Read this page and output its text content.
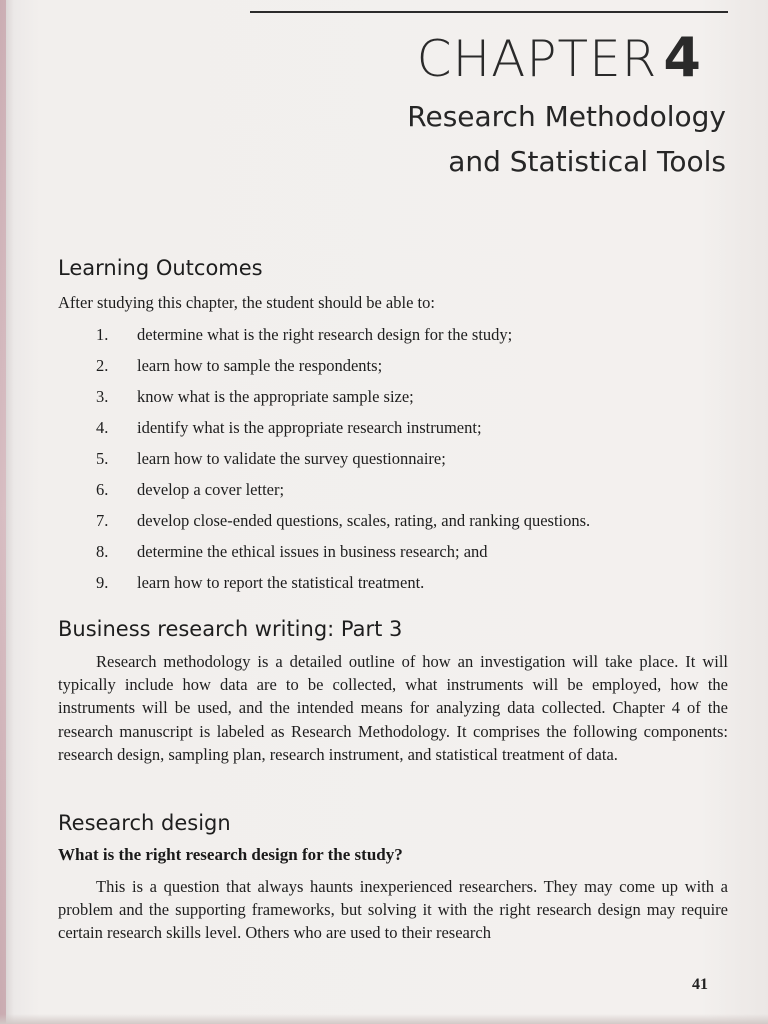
CHAPTER 4
Research Methodology
and Statistical Tools
Learning Outcomes
After studying this chapter, the student should be able to:
1.	determine what is the right research design for the study;
2.	learn how to sample the respondents;
3.	know what is the appropriate sample size;
4.	identify what is the appropriate research instrument;
5.	learn how to validate the survey questionnaire;
6.	develop a cover letter;
7.	develop close-ended questions, scales, rating, and ranking questions.
8.	determine the ethical issues in business research; and
9.	learn how to report the statistical treatment.
Business research writing: Part 3

Research methodology is a detailed outline of how an investigation will take place. It will typically include how data are to be collected, what instruments will be employed, how the instruments will be used, and the intended means for analyzing data collected. Chapter 4 of the research manuscript is labeled as Research Methodology. It comprises the following components: research design, sampling plan, research instrument, and statistical treatment of data.

Research design
What is the right research design for the study?

This is a question that always haunts inexperienced researchers. They may come up with a problem and the supporting frameworks, but solving it with the right research design may require certain research skills level. Others who are used to their research

41
